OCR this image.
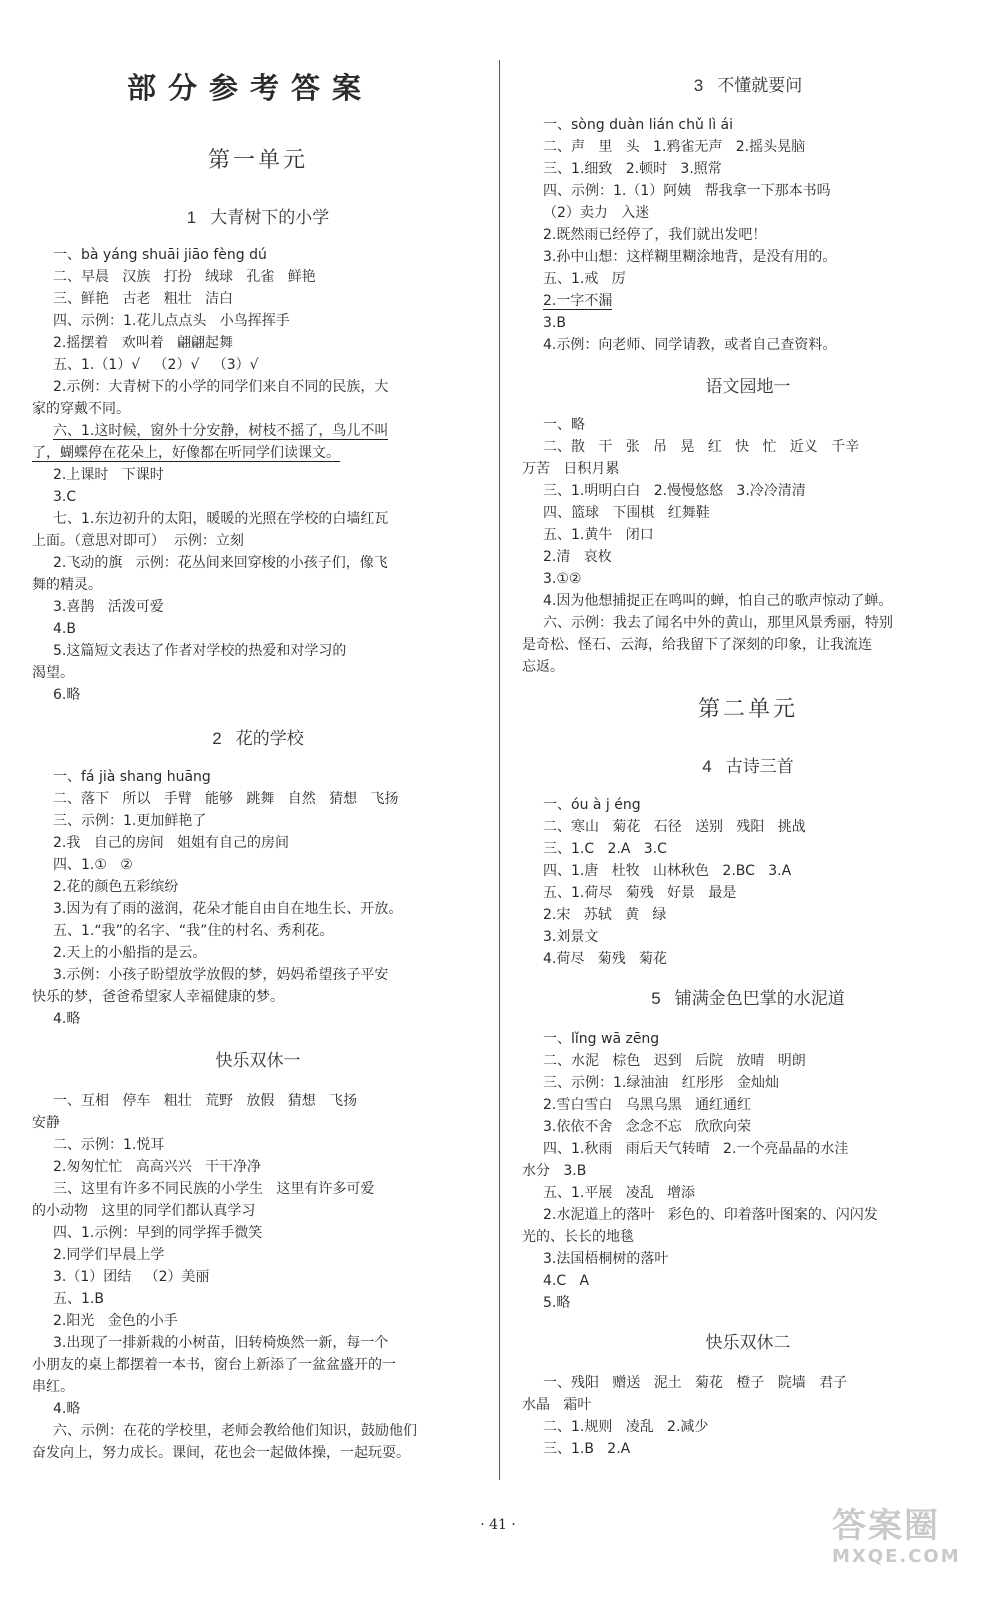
部分参考答案
第一单元
1 大青树下的小学
一、bà yáng shuāi jiāo fèng dú
二、早晨   汉族   打扮   绒球   孔雀   鲜艳
三、鲜艳   古老   粗壮   洁白
四、示例：1.花儿点点头   小鸟挥挥手
2.摇摆着   欢叫着   翩翩起舞
五、1.（1）√   （2）√   （3）√
2.示例：大青树下的小学的同学们来自不同的民族，大
家的穿戴不同。
六、1.这时候，窗外十分安静，树枝不摇了，鸟儿不叫
了，蝴蝶停在花朵上，好像都在听同学们读课文。
2.上课时   下课时
3.C
七、1.东边初升的太阳，暖暖的光照在学校的白墙红瓦
上面。（意思对即可）  示例：立刻
2.飞动的旗   示例：花丛间来回穿梭的小孩子们，像飞
舞的精灵。
3.喜鹊   活泼可爱
4.B
5.这篇短文表达了作者对学校的热爱和对学习的
渴望。
6.略
2 花的学校
一、fá jià shang huāng
二、落下   所以   手臂   能够   跳舞   自然   猜想   飞扬
三、示例：1.更加鲜艳了
2.我   自己的房间   姐姐有自己的房间
四、1.①   ②
2.花的颜色五彩缤纷
3.因为有了雨的滋润，花朵才能自由自在地生长、开放。
五、1.“我”的名字、“我”住的村名、秀利花。
2.天上的小船指的是云。
3.示例：小孩子盼望放学放假的梦，妈妈希望孩子平安
快乐的梦，爸爸希望家人幸福健康的梦。
4.略
快乐双休一
一、互相   停车   粗壮   荒野   放假   猜想   飞扬
安静
二、示例：1.悦耳
2.匆匆忙忙   高高兴兴   干干净净
三、这里有许多不同民族的小学生   这里有许多可爱
的小动物   这里的同学们都认真学习
四、1.示例：早到的同学挥手微笑
2.同学们早晨上学
3.（1）团结   （2）美丽
五、1.B
2.阳光   金色的小手
3.出现了一排新栽的小树苗，旧转椅焕然一新，每一个
小朋友的桌上都摆着一本书，窗台上新添了一盆盆盛开的一
串红。
4.略
六、示例：在花的学校里，老师会教给他们知识，鼓励他们
奋发向上，努力成长。课间，花也会一起做体操，一起玩耍。
3 不懂就要问
一、sòng duàn lián chǔ lì ái
二、声   里   头   1.鸦雀无声   2.摇头晃脑
三、1.细致   2.顿时   3.照常
四、示例：1.（1）阿姨   帮我拿一下那本书吗
（2）卖力   入迷
2.既然雨已经停了，我们就出发吧！
3.孙中山想：这样糊里糊涂地背，是没有用的。
五、1.戒   厉
2.一字不漏
3.B
4.示例：向老师、同学请教，或者自己查资料。
语文园地一
一、略
二、散   干   张   吊   晃   红   快   忙   近义   千辛
万苦   日积月累
三、1.明明白白   2.慢慢悠悠   3.冷冷清清
四、篮球   下围棋   红舞鞋
五、1.黄牛   闭口
2.清   哀枚
3.①②
4.因为他想捕捉正在鸣叫的蝉，怕自己的歌声惊动了蝉。
六、示例：我去了闻名中外的黄山，那里风景秀丽，特别
是奇松、怪石、云海，给我留下了深刻的印象，让我流连
忘返。
第二单元
4 古诗三首
一、óu à j éng
二、寒山   菊花   石径   送别   残阳   挑战
三、1.C   2.A   3.C
四、1.唐   杜牧   山林秋色   2.BC   3.A
五、1.荷尽   菊残   好景   最是
2.宋   苏轼   黄   绿
3.刘景文
4.荷尽   菊残   菊花
5 铺满金色巴掌的水泥道
一、lǐng wā zēng
二、水泥   棕色   迟到   后院   放晴   明朗
三、示例：1.绿油油   红彤彤   金灿灿
2.雪白雪白   乌黑乌黑   通红通红
3.依依不舍   念念不忘   欣欣向荣
四、1.秋雨   雨后天气转晴   2.一个亮晶晶的水洼
水分   3.B
五、1.平展   凌乱   增添
2.水泥道上的落叶   彩色的、印着落叶图案的、闪闪发
光的、长长的地毯
3.法国梧桐树的落叶
4.C   A
5.略
快乐双休二
一、残阳   赠送   泥土   菊花   橙子   院墙   君子
水晶   霜叶
二、1.规则   凌乱   2.减少
三、1.B   2.A
· 41 ·	答案圈
MXQE.COM
